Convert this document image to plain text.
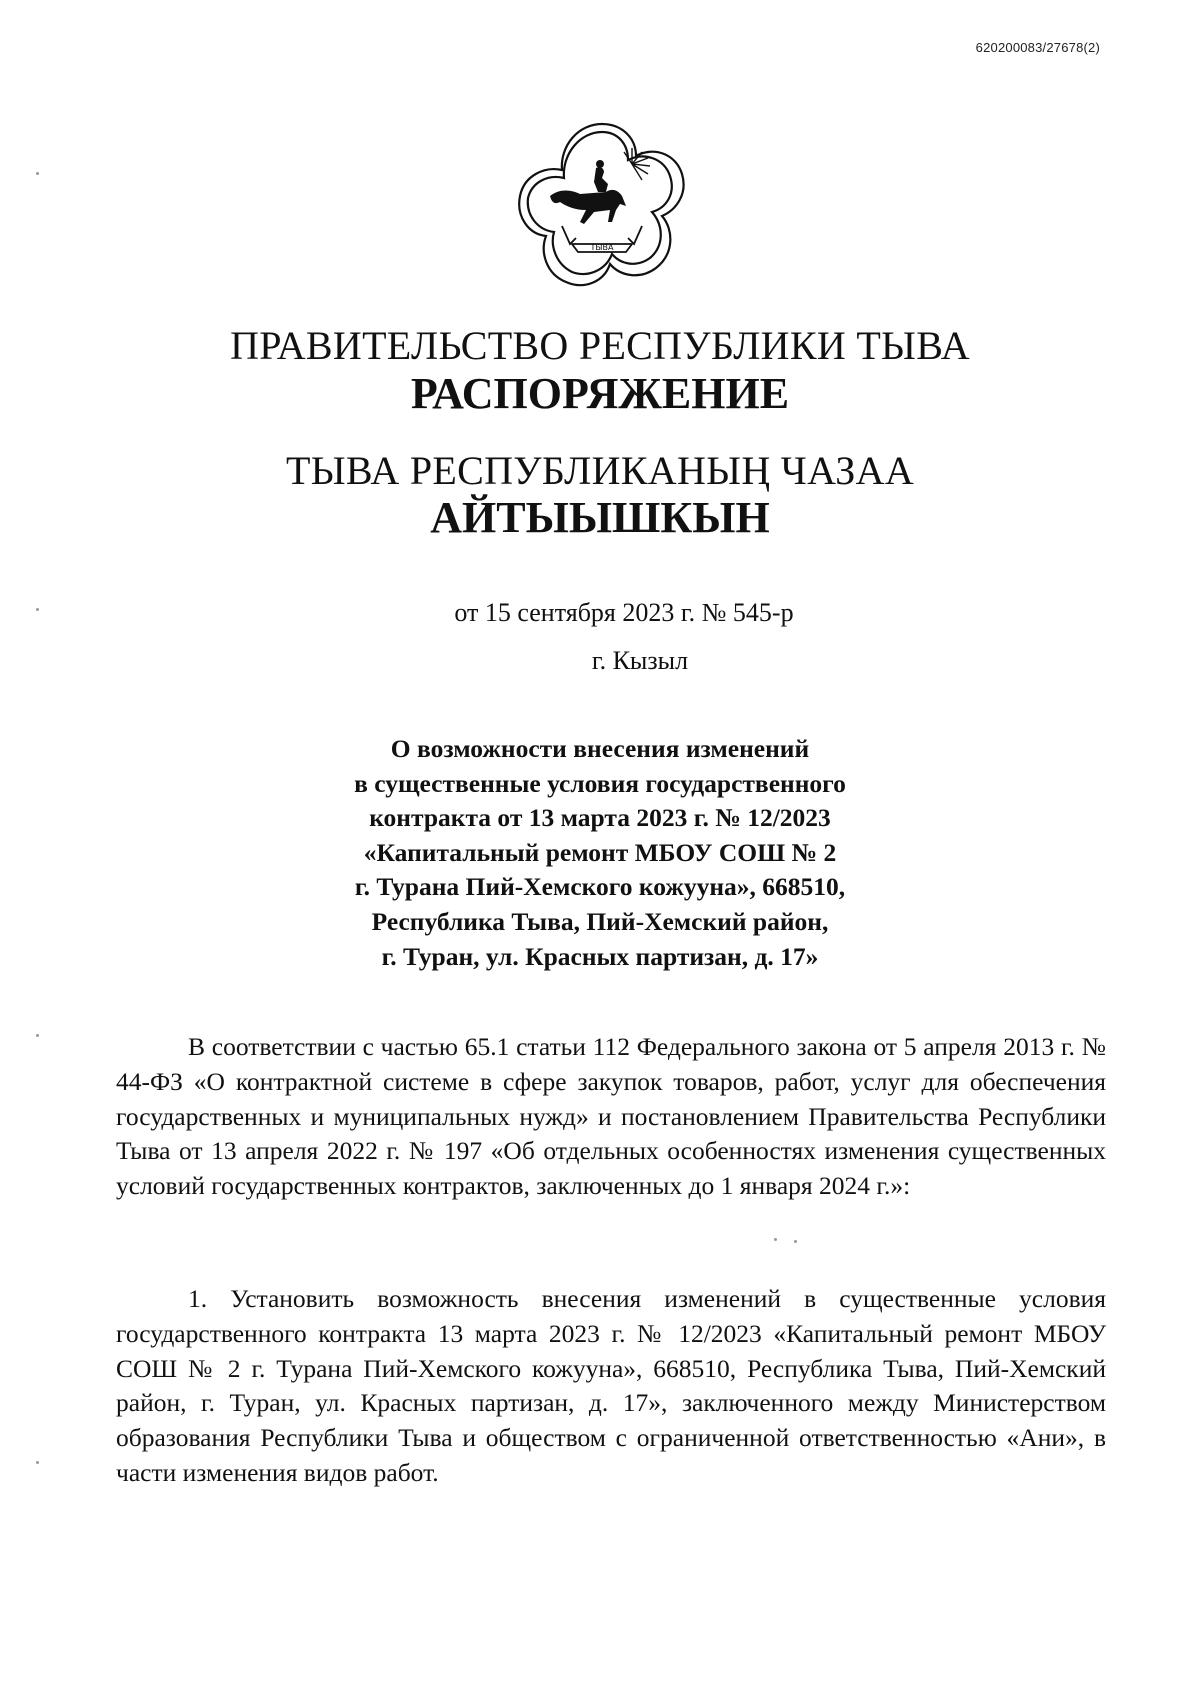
620200083/27678(2)
ТЫВА
ПРАВИТЕЛЬСТВО РЕСПУБЛИКИ ТЫВА
РАСПОРЯЖЕНИЕ
ТЫВА РЕСПУБЛИКАНЫҢ ЧАЗАА
АЙТЫЫШКЫН
от 15 сентября 2023 г. № 545-р
г. Кызыл
О возможности внесения изменений
в существенные условия государственного
контракта от 13 марта 2023 г. № 12/2023
«Капитальный ремонт МБОУ СОШ № 2
г. Турана Пий-Хемского кожууна», 668510,
Республика Тыва, Пий-Хемский район,
г. Туран, ул. Красных партизан, д. 17»
В соответствии с частью 65.1 статьи 112 Федерального закона от 5 апреля 2013 г. № 44-ФЗ «О контрактной системе в сфере закупок товаров, работ, услуг для обеспечения государственных и муниципальных нужд» и постановлением Правительства Республики Тыва от 13 апреля 2022 г. № 197 «Об отдельных особенностях изменения существенных условий государственных контрактов, заключенных до 1 января 2024 г.»:
1. Установить возможность внесения изменений в существенные условия государственного контракта 13 марта 2023 г. № 12/2023 «Капитальный ремонт МБОУ СОШ № 2 г. Турана Пий-Хемского кожууна», 668510, Республика Тыва, Пий-Хемский район, г. Туран, ул. Красных партизан, д. 17», заключенного между Министерством образования Республики Тыва и обществом с ограниченной ответственностью «Ани», в части изменения видов работ.
